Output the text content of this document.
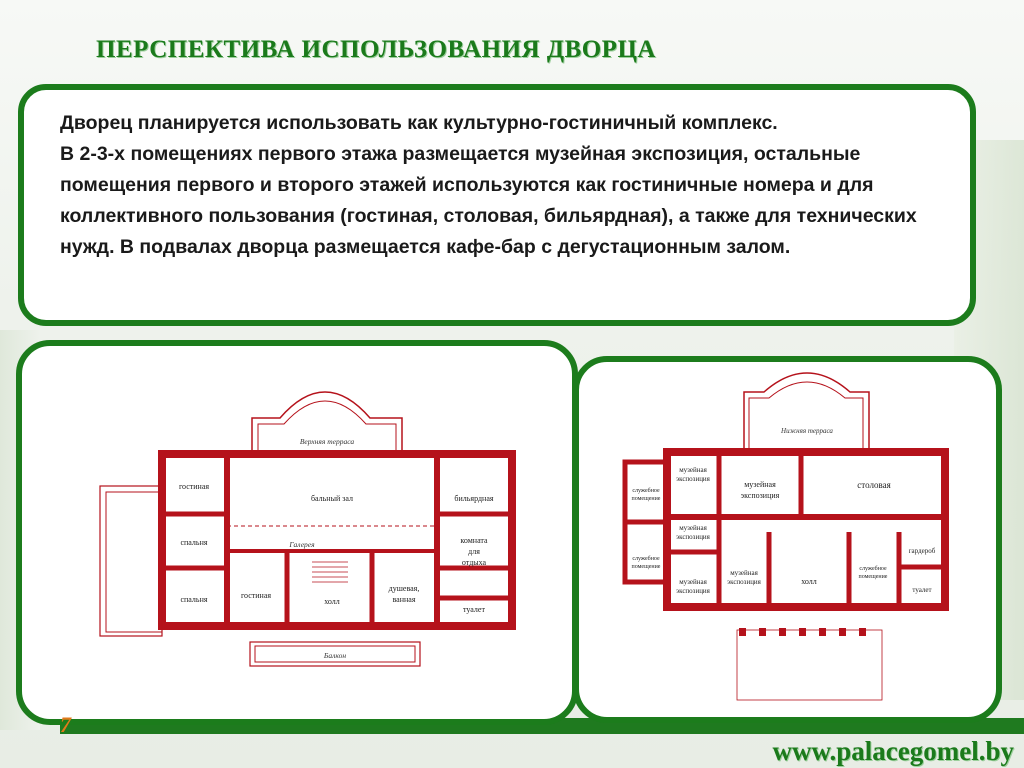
ПЕРСПЕКТИВА ИСПОЛЬЗОВАНИЯ ДВОРЦА

Дворец планируется использовать как культурно-гостиничный комплекс.
В 2-3-х помещениях первого этажа размещается музейная экспозиция, остальные помещения первого и второго этажей используются как гостиничные номера и для коллективного пользования (гостиная, столовая, бильярдная), а также для технических нужд. В подвалах дворца размещается кафе-бар с дегустационным залом.

Верхняя терраса
Галерея
Балкон
гостиная
бальный зал	бильярдная
спальня	комната
для
отдыха
спальня	гостиная
холл
душевая,
ванная
туалет
Нижняя терраса
служебное
помещение
служебное
помещение
музейная
экспозиция
музейная
экспозиция
столовая
музейная
экспозиция
музейная
экспозиция
музейная
экспозиция	холл
служебное
помещение
гардероб
туалет
7
www.palacegomel.by
